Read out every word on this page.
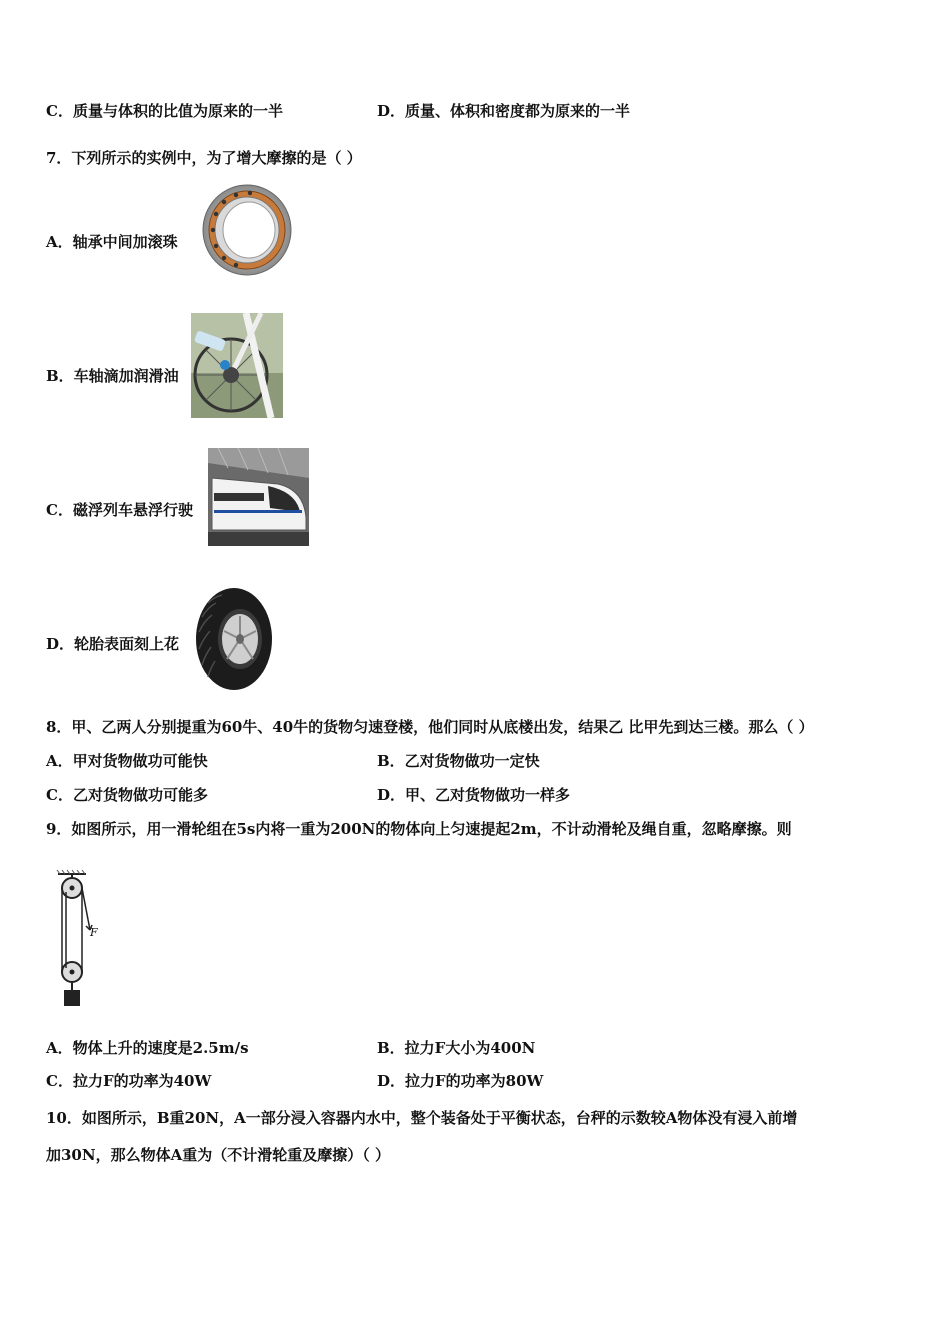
C．质量与体积的比值为原来的一半	D．质量、体积和密度都为原来的一半
7．下列所示的实例中，为了增大摩擦的是（ ）
A．轴承中间加滚珠
B．车轴滴加润滑油
C．磁浮列车悬浮行驶
D．轮胎表面刻上花
8．甲、乙两人分别提重为60牛、40牛的货物匀速登楼，他们同时从底楼出发，结果乙 比甲先到达三楼。那么（ ）
A．甲对货物做功可能快	B．乙对货物做功一定快
C．乙对货物做功可能多	D．甲、乙对货物做功一样多
9．如图所示，用一滑轮组在5s内将一重为200N的物体向上匀速提起2m，不计动滑轮及绳自重，忽略摩擦。则
F
A．物体上升的速度是2.5m/s	B．拉力F大小为400N
C．拉力F的功率为40W	D．拉力F的功率为80W
10．如图所示，B重20N，A一部分浸入容器内水中，整个装备处于平衡状态，台秤的示数较A物体没有浸入前增
加30N，那么物体A重为（不计滑轮重及摩擦）（ ）
